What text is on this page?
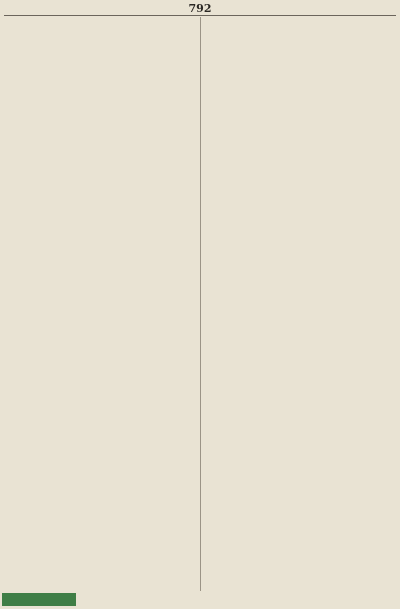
792
